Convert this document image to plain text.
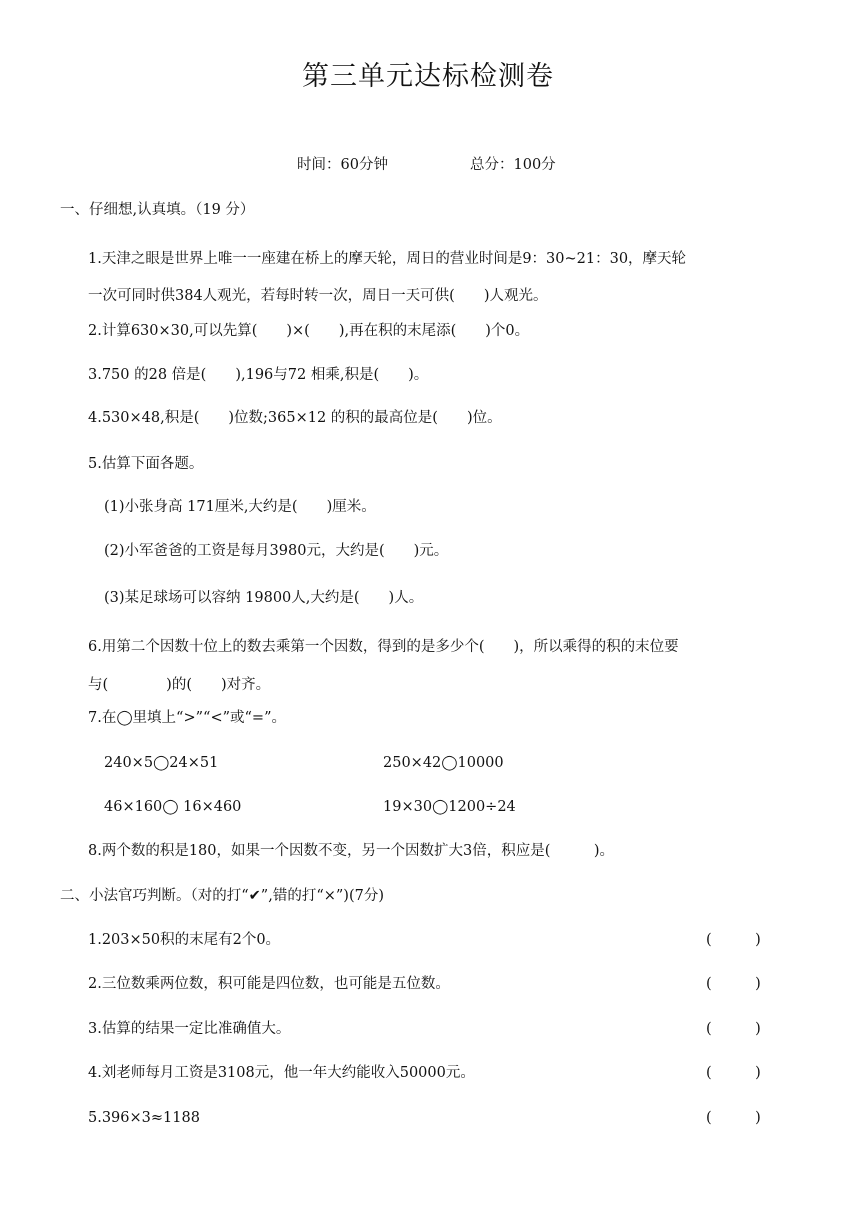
第三单元达标检测卷
时间：60分钟	总分：100分
一、仔细想,认真填。（19 分）
1.天津之眼是世界上唯一一座建在桥上的摩天轮，周日的营业时间是9：30~21：30，摩天轮
一次可同时供384人观光，若每时转一次，周日一天可供(　　)人观光。
2.计算630×30,可以先算(　　)×(　　),再在积的末尾添(　　)个0。
3.750 的28 倍是(　　),196与72 相乘,积是(　　)。
4.530×48,积是(　　)位数;365×12 的积的最高位是(　　)位。
5.估算下面各题。
(1)小张身高 171厘米,大约是(　　)厘米。
(2)小军爸爸的工资是每月3980元，大约是(　　)元。
(3)某足球场可以容纳 19800人,大约是(　　)人。
6.用第二个因数十位上的数去乘第一个因数，得到的是多少个(　　)，所以乘得的积的末位要
与(　　　　)的(　　)对齐。
7.在◯里填上“>”“<”或“=”。
240×5◯24×51	250×42◯10000
46×160◯ 16×460	19×30◯1200÷24
8.两个数的积是180，如果一个因数不变，另一个因数扩大3倍，积应是(　　　)。
二、小法官巧判断。（对的打“✔”,错的打“×”)(7分)
1.203×50积的末尾有2个0。	(　　　)
2.三位数乘两位数，积可能是四位数，也可能是五位数。	(　　　)
3.估算的结果一定比准确值大。	(　　　)
4.刘老师每月工资是3108元，他一年大约能收入50000元。	(　　　)
5.396×3≈1188	(　　　)
